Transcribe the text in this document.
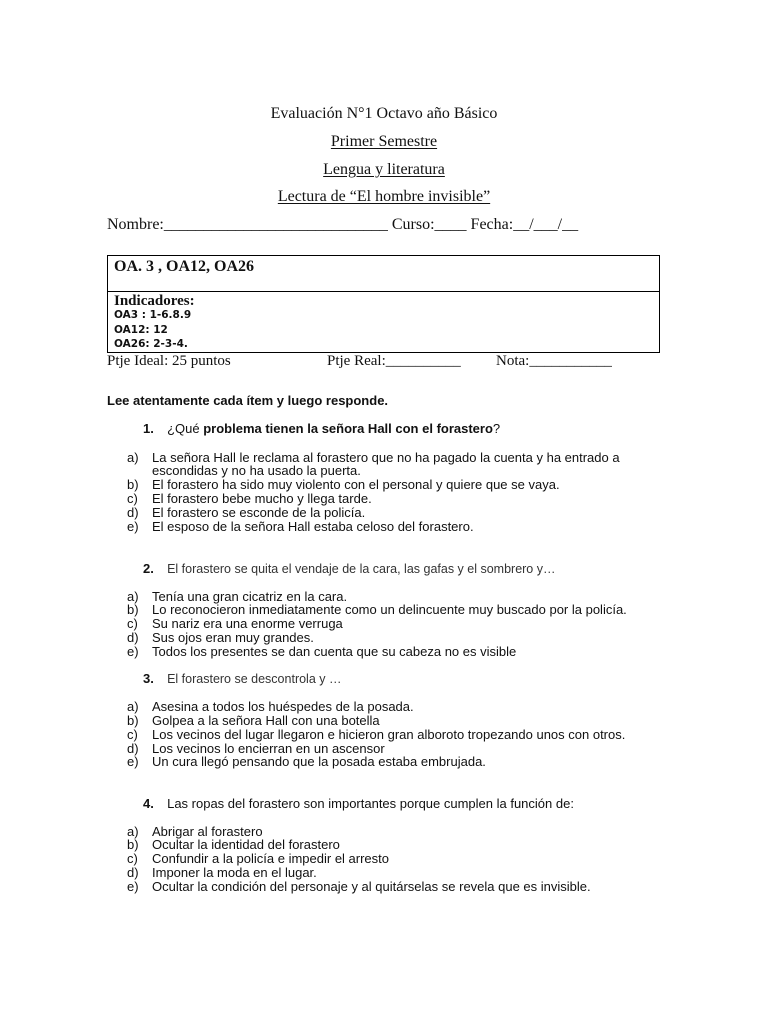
Evaluación N°1 Octavo año Básico
Primer Semestre
Lengua y literatura
Lectura de “El hombre invisible”
Nombre:____________________________ Curso:____ Fecha:__/___/__
OA. 3 , OA12, OA26
Indicadores:
OA3 : 1-6.8.9
OA12: 12
OA26: 2-3-4.
Ptje Ideal: 25 puntos	Ptje Real:__________ Nota:___________
Lee atentamente cada ítem y luego responde.
1. ¿Qué problema tienen la señora Hall con el forastero?
a) La señora Hall le reclama al forastero que no ha pagado la cuenta y ha entrado a
escondidas y no ha usado la puerta.
b) El forastero ha sido muy violento con el personal y quiere que se vaya.
c) El forastero bebe mucho y llega tarde.
d) El forastero se esconde de la policía.
e) El esposo de la señora Hall estaba celoso del forastero.
2. El forastero se quita el vendaje de la cara, las gafas y el sombrero y…
a) Tenía una gran cicatriz en la cara.
b) Lo reconocieron inmediatamente como un delincuente muy buscado por la policía.
c) Su nariz era una enorme verruga
d) Sus ojos eran muy grandes.
e) Todos los presentes se dan cuenta que su cabeza no es visible
3. El forastero se descontrola y …
a) Asesina a todos los huéspedes de la posada.
b) Golpea a la señora Hall con una botella
c) Los vecinos del lugar llegaron e hicieron gran alboroto tropezando unos con otros.
d) Los vecinos lo encierran en un ascensor
e) Un cura llegó pensando que la posada estaba embrujada.
4. Las ropas del forastero son importantes porque cumplen la función de:
a) Abrigar al forastero
b) Ocultar la identidad del forastero
c) Confundir a la policía e impedir el arresto
d) Imponer la moda en el lugar.
e) Ocultar la condición del personaje y al quitárselas se revela que es invisible.
